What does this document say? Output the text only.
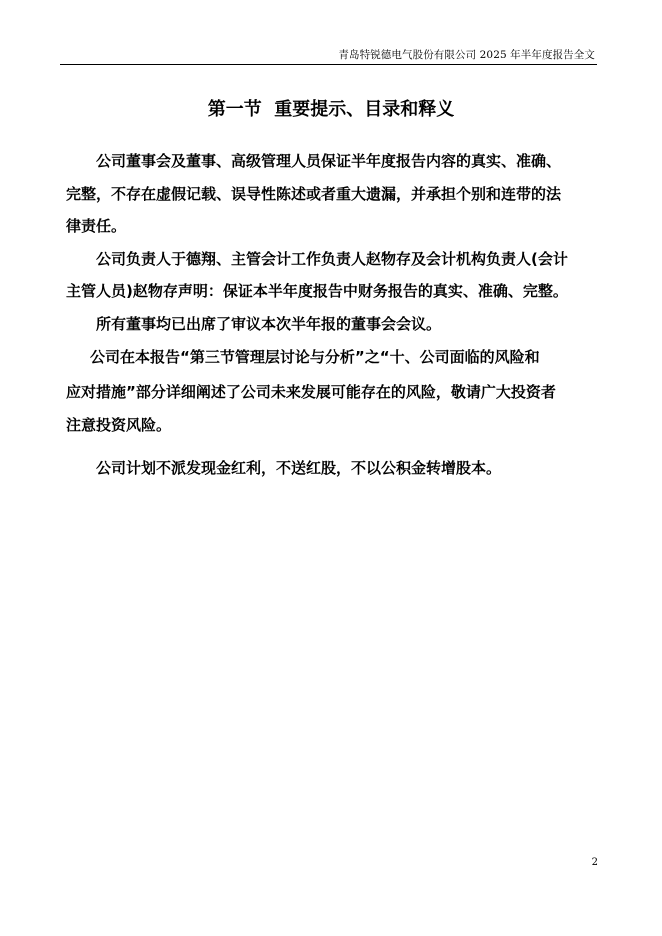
青岛特锐德电气股份有限公司 2025 年半年度报告全文
第一节  重要提示、目录和释义
公司董事会及董事、高级管理人员保证半年度报告内容的真实、准确、
完整，不存在虚假记载、误导性陈述或者重大遗漏，并承担个别和连带的法
律责任。
公司负责人于德翔、主管会计工作负责人赵物存及会计机构负责人(会计
主管人员)赵物存声明：保证本半年度报告中财务报告的真实、准确、完整。
所有董事均已出席了审议本次半年报的董事会会议。
公司在本报告“第三节管理层讨论与分析”之“十、公司面临的风险和
应对措施”部分详细阐述了公司未来发展可能存在的风险，敬请广大投资者
注意投资风险。
公司计划不派发现金红利，不送红股，不以公积金转增股本。
2
